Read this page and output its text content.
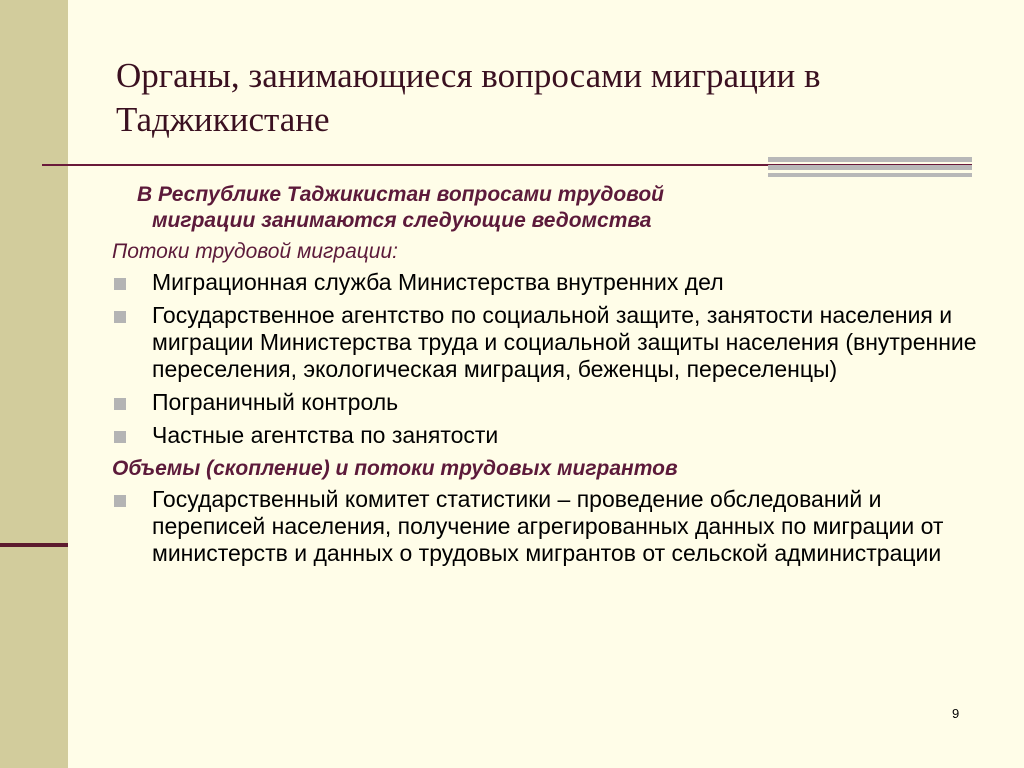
Органы, занимающиеся вопросами миграции в Таджикистане

В Республике Таджикистан вопросами трудовой
миграции занимаются следующие ведомства

Потоки трудовой миграции:

Миграционная служба Министерства внутренних дел
Государственное агентство по социальной защите, занятости населения и миграции Министерства труда и социальной защиты населения (внутренние переселения, экологическая миграция, беженцы, переселенцы)
Пограничный контроль
Частные агентства по занятости

Объемы (скопление) и потоки трудовых мигрантов

Государственный комитет статистики – проведение обследований и переписей населения, получение агрегированных данных по миграции от министерств и данных о трудовых мигрантов от сельской администрации
9
